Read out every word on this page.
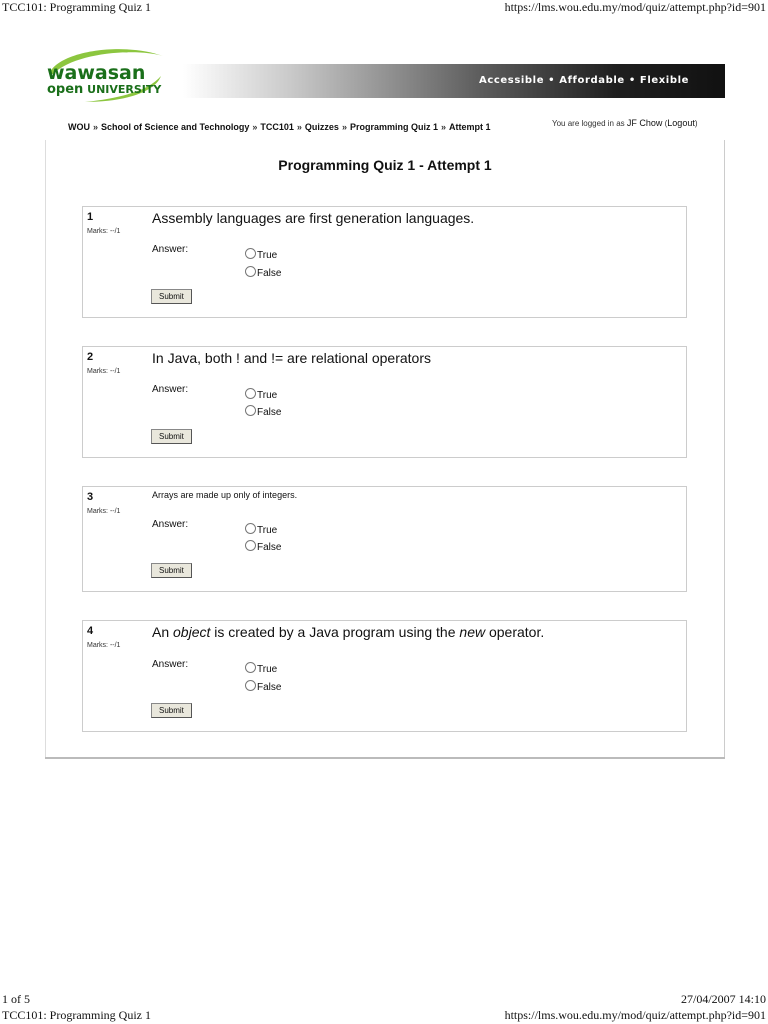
TCC101: Programming Quiz 1	https://lms.wou.edu.my/mod/quiz/attempt.php?id=901
wawasan
open UNIVERSITY
Accessible • Affordable • Flexible
WOU » School of Science and Technology » TCC101 » Quizzes » Programming Quiz 1 » Attempt 1	You are logged in as JF Chow (Logout)
Programming Quiz 1 - Attempt 1
1
Marks: --/1
Assembly languages are first generation languages.
Answer:
True
False
Submit
2
Marks: --/1
In Java, both ! and != are relational operators
Answer:
True
False
Submit
3
Marks: --/1
Arrays are made up only of integers.
Answer:
True
False
Submit
4
Marks: --/1
An object is created by a Java program using the new operator.
Answer:	True
False
Submit
1 of 5	27/04/2007 14:10
TCC101: Programming Quiz 1	https://lms.wou.edu.my/mod/quiz/attempt.php?id=901
